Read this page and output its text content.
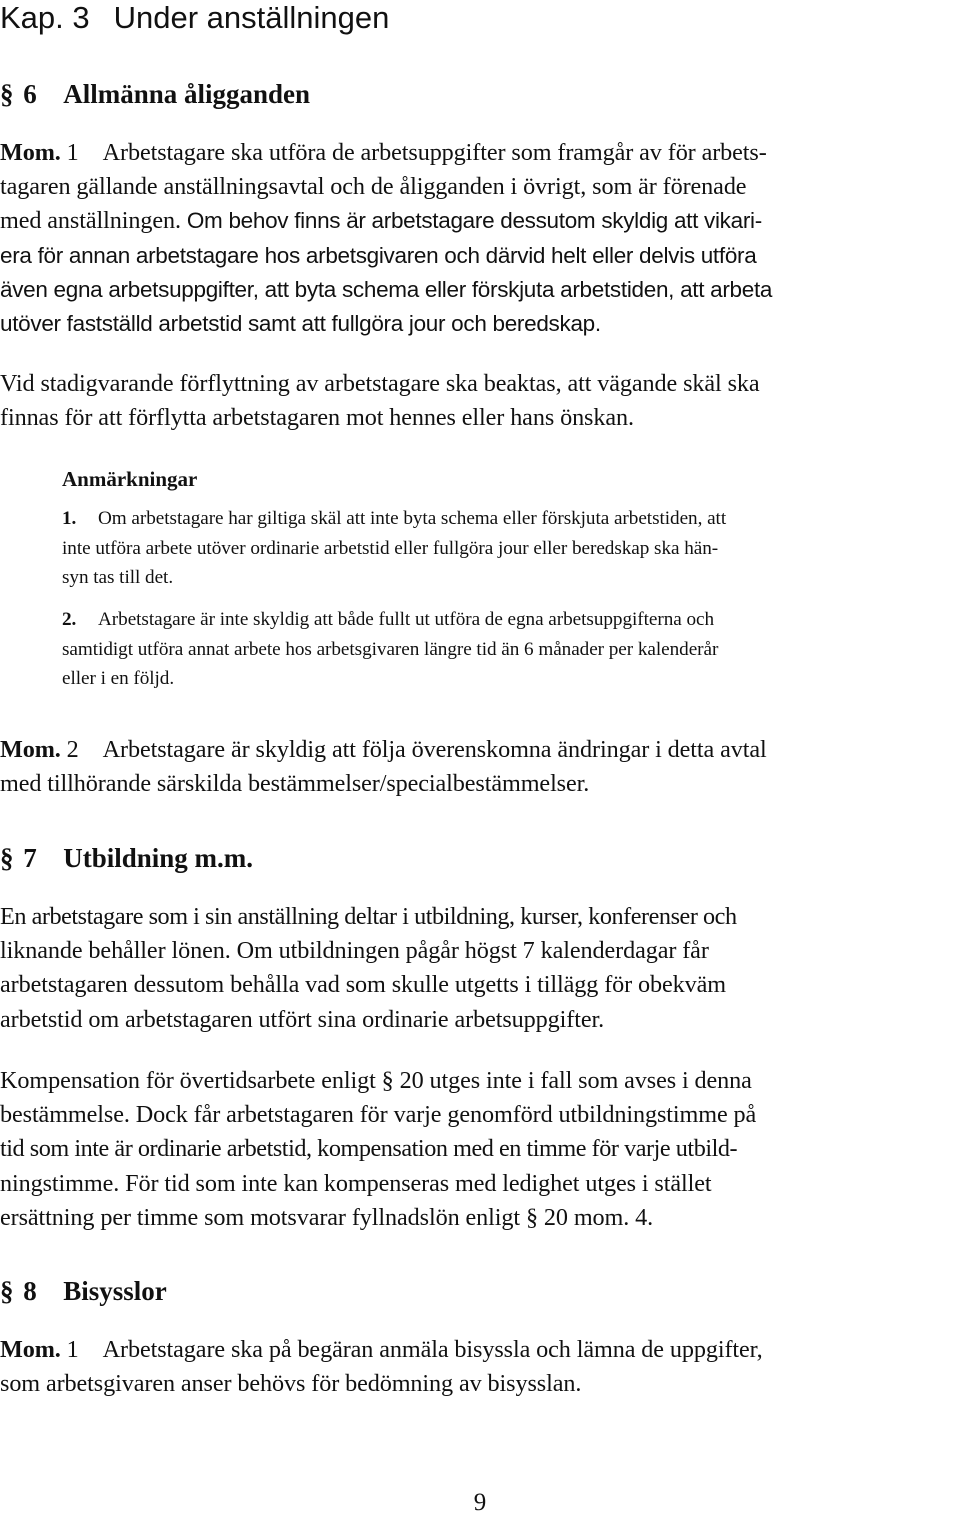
Kap. 3 Under anställningen
§ 6 Allmänna åligganden
Mom. 1 Arbetstagare ska utföra de arbetsuppgifter som framgår av för arbets-
tagaren gällande anställningsavtal och de åligganden i övrigt, som är förenade
med anställningen. Om behov finns är arbetstagare dessutom skyldig att vikari-
era för annan arbetstagare hos arbetsgivaren och därvid helt eller delvis utföra
även egna arbetsuppgifter, att byta schema eller förskjuta arbetstiden, att arbeta
utöver fastställd arbetstid samt att fullgöra jour och beredskap.
Vid stadigvarande förflyttning av arbetstagare ska beaktas, att vägande skäl ska
finnas för att förflytta arbetstagaren mot hennes eller hans önskan.
Anmärkningar
1. Om arbetstagare har giltiga skäl att inte byta schema eller förskjuta arbetstiden, att
inte utföra arbete utöver ordinarie arbetstid eller fullgöra jour eller beredskap ska hän-
syn tas till det.
2. Arbetstagare är inte skyldig att både fullt ut utföra de egna arbetsuppgifterna och
samtidigt utföra annat arbete hos arbetsgivaren längre tid än 6 månader per kalenderår
eller i en följd.
Mom. 2 Arbetstagare är skyldig att följa överenskomna ändringar i detta avtal
med tillhörande särskilda bestämmelser/specialbestämmelser.
§ 7 Utbildning m.m.
En arbetstagare som i sin anställning deltar i utbildning, kurser, konferenser och
liknande behåller lönen. Om utbildningen pågår högst 7 kalenderdagar får
arbetstagaren dessutom behålla vad som skulle utgetts i tillägg för obekväm
arbetstid om arbetstagaren utfört sina ordinarie arbetsuppgifter.
Kompensation för övertidsarbete enligt § 20 utges inte i fall som avses i denna
bestämmelse. Dock får arbetstagaren för varje genomförd utbildningstimme på
tid som inte är ordinarie arbetstid, kompensation med en timme för varje utbild-
ningstimme. För tid som inte kan kompenseras med ledighet utges i stället
ersättning per timme som motsvarar fyllnadslön enligt § 20 mom. 4.
§ 8 Bisysslor
Mom. 1 Arbetstagare ska på begäran anmäla bisyssla och lämna de uppgifter,
som arbetsgivaren anser behövs för bedömning av bisysslan.
9
